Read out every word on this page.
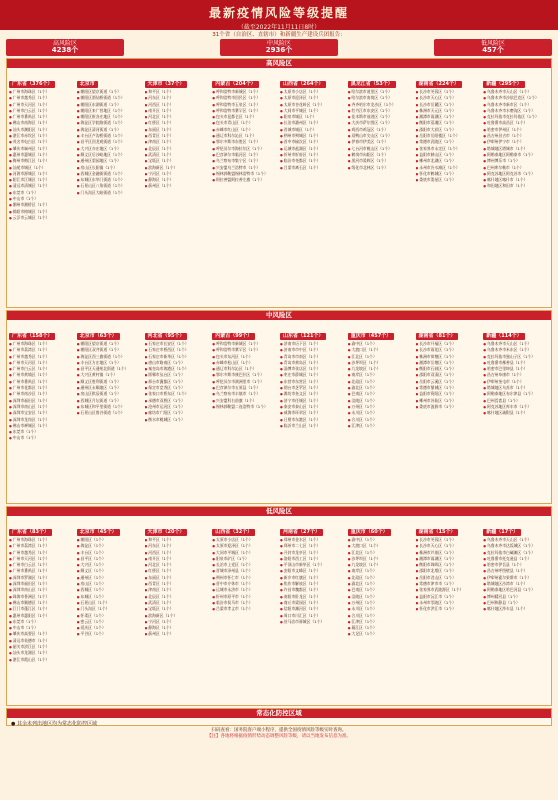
最新疫情风险等级提醒
（截至2022年11月11日8时）
31个省（自治区、直辖市）和新疆生产建设兵团报告：
高风险区
4238个
中风险区
2936个
低风险区
457个
高风险区
广东省（376个）
● 广州市海珠区（1个）
● 广州市越秀区（1个）
● 广州市天河区（1个）
● 广州市白云区（1个）
● 广州市番禺区（1个）
● 佛山市南海区（1个）
● 汕头市潮阳区（1个）
● 湛江市赤坎区（1个）
● 茂名市电白区（1个）
● 肇庆市端州区（1个）
● 惠州市惠城区（1个）
● 梅州市梅江区（1个）
● 汕尾市城区（1个）
● 河源市源城区（1个）
● 阳江市江城区（1个）
● 清远市清城区（1个）
● 东莞市（1个）
● 中山市（1个）
● 潮州市湘桥区（1个）
● 揭阳市榕城区（1个）
● 云浮市云城区（1个）
北京市
● 朝阳区望京街道（1个）
● 朝阳区酒仙桥街道（1个）
● 朝阳区东湖街道（1个）
● 朝阳区来广营地区（1个）
● 朝阳区崔各庄地区（1个）
● 海淀区学院路街道（1个）
● 海淀区清河街道（1个）
● 丰台区卢沟桥街道（1个）
● 昌平区回龙观街道（1个）
● 大兴区亦庄地区（1个）
● 顺义区后沙峪地区（1个）
● 通州区梨园地区（1个）
● 房山区长阳镇（1个）
● 西城区金融街街道（1个）
● 东城区东华门街道（1个）
● 石景山区八角街道（1个）
● 门头沟区大峪街道（1个）
天津市（37个）
● 和平区（1个）
● 河东区（1个）
● 河西区（1个）
● 南开区（1个）
● 河北区（1个）
● 红桥区（1个）
● 东丽区（1个）
● 西青区（1个）
● 津南区（1个）
● 北辰区（1个）
● 武清区（1个）
● 宝坻区（1个）
● 滨海新区（1个）
● 宁河区（1个）
● 静海区（1个）
● 蓟州区（1个）
内蒙古（204个）
● 呼和浩特市新城区（1个）
● 呼和浩特市回民区（1个）
● 呼和浩特市玉泉区（1个）
● 呼和浩特市赛罕区（1个）
● 包头市昆都仑区（1个）
● 包头市青山区（1个）
● 赤峰市红山区（1个）
● 通辽市科尔沁区（1个）
● 鄂尔多斯市东胜区（1个）
● 呼伦贝尔市海拉尔区（1个）
● 巴彦淖尔市临河区（1个）
● 乌兰察布市集宁区（1个）
● 兴安盟乌兰浩特市（1个）
● 锡林郭勒盟锡林浩特市（1个）
● 阿拉善盟阿拉善左旗（1个）
山西省（264个）
● 太原市小店区（1个）
● 太原市迎泽区（1个）
● 太原市杏花岭区（1个）
● 大同市平城区（1个）
● 阳泉市城区（1个）
● 长治市潞州区（1个）
● 晋城市城区（1个）
● 朔州市朔城区（1个）
● 晋中市榆次区（1个）
● 运城市盐湖区（1个）
● 忻州市忻府区（1个）
● 临汾市尧都区（1个）
● 吕梁市离石区（1个）
黑龙江省（53个）
● 哈尔滨市道里区（1个）
● 哈尔滨市南岗区（1个）
● 齐齐哈尔市龙沙区（1个）
● 牡丹江市东安区（1个）
● 佳木斯市前进区（1个）
● 大庆市萨尔图区（1个）
● 鸡西市鸡冠区（1个）
● 双鸭山市尖山区（1个）
● 伊春市伊美区（1个）
● 七台河市桃山区（1个）
● 鹤岗市向阳区（1个）
● 黑河市爱辉区（1个）
● 绥化市北林区（1个）
湖南省（224个）
● 长沙市芙蓉区（1个）
● 长沙市天心区（1个）
● 长沙市岳麓区（1个）
● 株洲市天元区（1个）
● 湘潭市雨湖区（1个）
● 衡阳市蒸湘区（1个）
● 邵阳市大祥区（1个）
● 岳阳市岳阳楼区（1个）
● 常德市武陵区（1个）
● 张家界市永定区（1个）
● 益阳市赫山区（1个）
● 郴州市北湖区（1个）
● 永州市冷水滩区（1个）
● 怀化市鹤城区（1个）
● 娄底市娄星区（1个）
新疆（295个）
● 乌鲁木齐市天山区（1个）
● 乌鲁木齐市沙依巴克区（1个）
● 乌鲁木齐市新市区（1个）
● 乌鲁木齐市水磨沟区（1个）
● 克拉玛依市克拉玛依区（1个）
● 吐鲁番市高昌区（1个）
● 哈密市伊州区（1个）
● 昌吉州昌吉市（1个）
● 伊犁州伊宁市（1个）
● 塔城地区塔城市（1个）
● 阿勒泰地区阿勒泰市（1个）
● 博州博乐市（1个）
● 巴州库尔勒市（1个）
● 阿克苏地区阿克苏市（1个）
● 喀什地区喀什市（1个）
● 和田地区和田市（1个）
中风险区
广东省（158个）
● 广州市海珠区（1个）
● 广州市荔湾区（1个）
● 广州市越秀区（1个）
● 广州市天河区（1个）
● 广州市白云区（1个）
● 广州市黄埔区（1个）
● 广州市番禺区（1个）
● 广州市花都区（1个）
● 广州市南沙区（1个）
● 深圳市福田区（1个）
● 深圳市南山区（1个）
● 深圳市宝安区（1个）
● 深圳市龙岗区（1个）
● 佛山市禅城区（1个）
● 东莞市（1个）
● 中山市（1个）
北京市（63个）
● 朝阳区望京街道（1个）
● 朝阳区双井街道（1个）
● 海淀区西三旗街道（1个）
● 丰台区方庄地区（1个）
● 昌平区天通苑北街道（1个）
● 大兴区黄村镇（1个）
● 顺义区胜利街道（1个）
● 通州区永顺地区（1个）
● 房山区拱辰街道（1个）
● 西城区月坛街道（1个）
● 东城区和平里街道（1个）
● 石景山区鲁谷街道（1个）
河北省（95个）
● 石家庄市长安区（1个）
● 石家庄市桥西区（1个）
● 石家庄市新华区（1个）
● 唐山市路南区（1个）
● 秦皇岛市海港区（1个）
● 邯郸市丛台区（1个）
● 邢台市襄都区（1个）
● 保定市竞秀区（1个）
● 张家口市桥东区（1个）
● 承德市双桥区（1个）
● 沧州市运河区（1个）
● 廊坊市广阳区（1个）
● 衡水市桃城区（1个）
内蒙古（99个）
● 呼和浩特市新城区（1个）
● 呼和浩特市赛罕区（1个）
● 包头市东河区（1个）
● 赤峰市松山区（1个）
● 通辽市科尔沁区（1个）
● 鄂尔多斯市康巴什区（1个）
● 呼伦贝尔市满洲里市（1个）
● 巴彦淖尔市五原县（1个）
● 乌兰察布市丰镇市（1个）
● 兴安盟科右前旗（1个）
● 锡林郭勒盟二连浩特市（1个）
山东省（121个）
● 济南市历下区（1个）
● 济南市市中区（1个）
● 青岛市市南区（1个）
● 青岛市黄岛区（1个）
● 淄博市张店区（1个）
● 枣庄市薛城区（1个）
● 东营市东营区（1个）
● 烟台市芝罘区（1个）
● 潍坊市奎文区（1个）
● 济宁市任城区（1个）
● 泰安市泰山区（1个）
● 威海市环翠区（1个）
● 日照市东港区（1个）
● 临沂市兰山区（1个）
重庆市（457个）
● 渝中区（1个）
● 大渡口区（1个）
● 江北区（1个）
● 沙坪坝区（1个）
● 九龙坡区（1个）
● 南岸区（1个）
● 北碚区（1个）
● 渝北区（1个）
● 巴南区（1个）
● 涪陵区（1个）
● 万州区（1个）
● 永川区（1个）
● 合川区（1个）
● 江津区（1个）
湖南省（81个）
● 长沙市开福区（1个）
● 长沙市雨花区（1个）
● 株洲市荷塘区（1个）
● 湘潭市岳塘区（1个）
● 衡阳市石鼓区（1个）
● 邵阳市双清区（1个）
● 岳阳市云溪区（1个）
● 常德市鼎城区（1个）
● 益阳市资阳区（1个）
● 郴州市苏仙区（1个）
● 娄底市涟源市（1个）
新疆（114个）
● 乌鲁木齐市天山区（1个）
● 乌鲁木齐市米东区（1个）
● 克拉玛依市独山子区（1个）
● 吐鲁番市鄯善县（1个）
● 哈密市巴里坤县（1个）
● 昌吉州阜康市（1个）
● 伊犁州奎屯市（1个）
● 塔城地区乌苏市（1个）
● 阿勒泰地区布尔津县（1个）
● 巴州焉耆县（1个）
● 阿克苏地区库车市（1个）
● 喀什地区疏附县（1个）
低风险区
广东省（83个）
● 广州市海珠区（1个）
● 广州市荔湾区（1个）
● 广州市越秀区（1个）
● 广州市天河区（1个）
● 广州市白云区（1个）
● 广州市番禺区（1个）
● 深圳市罗湖区（1个）
● 深圳市福田区（1个）
● 深圳市南山区（1个）
● 珠海市香洲区（1个）
● 佛山市顺德区（1个）
● 江门市蓬江区（1个）
● 惠州市惠阳区（1个）
● 东莞市（1个）
● 中山市（1个）
● 肇庆市高要区（1个）
● 清远市英德市（1个）
● 韶关市浈江区（1个）
● 汕头市龙湖区（1个）
● 湛江市霞山区（1个）
北京市（45个）
● 朝阳区（1个）
● 海淀区（1个）
● 丰台区（1个）
● 昌平区（1个）
● 大兴区（1个）
● 顺义区（1个）
● 通州区（1个）
● 房山区（1个）
● 西城区（1个）
● 东城区（1个）
● 石景山区（1个）
● 门头沟区（1个）
● 怀柔区（1个）
● 密云区（1个）
● 延庆区（1个）
● 平谷区（1个）
天津市（20个）
● 和平区（1个）
● 河东区（1个）
● 河西区（1个）
● 南开区（1个）
● 河北区（1个）
● 红桥区（1个）
● 东丽区（1个）
● 西青区（1个）
● 津南区（1个）
● 北辰区（1个）
● 武清区（1个）
● 宝坻区（1个）
● 滨海新区（1个）
● 宁河区（1个）
● 静海区（1个）
● 蓟州区（1个）
山西省（32个）
● 太原市小店区（1个）
● 太原市迎泽区（1个）
● 大同市平城区（1个）
● 阳泉市矿区（1个）
● 长治市上党区（1个）
● 晋城市泽州县（1个）
● 朔州市怀仁市（1个）
● 晋中市介休市（1个）
● 运城市永济市（1个）
● 忻州市原平市（1个）
● 临汾市侯马市（1个）
● 吕梁市孝义市（1个）
河南省（27个）
● 郑州市金水区（1个）
● 郑州市二七区（1个）
● 开封市龙亭区（1个）
● 洛阳市西工区（1个）
● 平顶山市新华区（1个）
● 安阳市文峰区（1个）
● 新乡市红旗区（1个）
● 焦作市解放区（1个）
● 许昌市魏都区（1个）
● 南阳市卧龙区（1个）
● 商丘市梁园区（1个）
● 信阳市浉河区（1个）
● 周口市川汇区（1个）
● 驻马店市驿城区（1个）
重庆市（60个）
● 渝中区（1个）
● 大渡口区（1个）
● 江北区（1个）
● 沙坪坝区（1个）
● 九龙坡区（1个）
● 南岸区（1个）
● 北碚区（1个）
● 渝北区（1个）
● 巴南区（1个）
● 涪陵区（1个）
● 万州区（1个）
● 永川区（1个）
● 合川区（1个）
● 江津区（1个）
● 綦江区（1个）
● 大足区（1个）
湖南省（15个）
● 长沙市芙蓉区（1个）
● 长沙市天心区（1个）
● 株洲市芦淞区（1个）
● 湘潭市雨湖区（1个）
● 衡阳市珠晖区（1个）
● 邵阳市北塔区（1个）
● 岳阳市君山区（1个）
● 常德市津市市（1个）
● 张家界市武陵源区（1个）
● 益阳市沅江市（1个）
● 永州市零陵区（1个）
● 怀化市洪江市（1个）
新疆（17个）
● 乌鲁木齐市天山区（1个）
● 乌鲁木齐市达坂城区（1个）
● 克拉玛依市白碱滩区（1个）
● 吐鲁番市托克逊县（1个）
● 哈密市伊吾县（1个）
● 昌吉州呼图壁县（1个）
● 伊犁州霍尔果斯市（1个）
● 塔城地区沙湾市（1个）
● 阿勒泰地区哈巴河县（1个）
● 博州精河县（1个）
● 巴州和静县（1个）
● 喀什地区莎车县（1个）
常态化防控区域
● 其余未列出地区均为常态化防控区域
扫码查看：国务院客户端小程序，提供全国疫情风险等级实时查询。
【注】各地将根据疫情形势动态调整风险等级，请以当地发布信息为准。
